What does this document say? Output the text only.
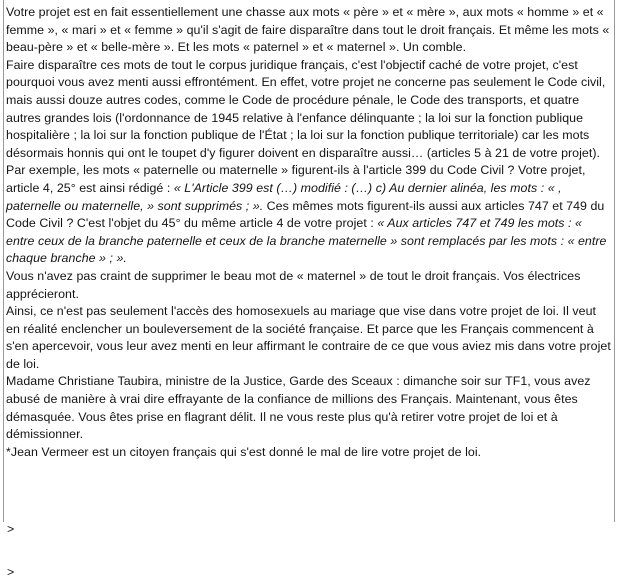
Votre projet est en fait essentiellement une chasse aux mots « père » et « mère », aux mots « homme » et « femme », « mari » et « femme » qu'il s'agit de faire disparaître dans tout le droit français. Et même les mots « beau-père » et « belle-mère ». Et les mots « paternel » et « maternel ». Un comble.

Faire disparaître ces mots de tout le corpus juridique français, c'est l'objectif caché de votre projet, c'est pourquoi vous avez menti aussi effrontément. En effet, votre projet ne concerne pas seulement le Code civil, mais aussi douze autres codes, comme le Code de procédure pénale, le Code des transports, et quatre autres grandes lois (l'ordonnance de 1945 relative à l'enfance délinquante ; la loi sur la fonction publique hospitalière ; la loi sur la fonction publique de l'État ; la loi sur la fonction publique territoriale) car les mots désormais honnis qui ont le toupet d'y figurer doivent en disparaître aussi… (articles 5 à 21 de votre projet).

Par exemple, les mots « paternelle ou maternelle » figurent-ils à l'article 399 du Code Civil ? Votre projet, article 4, 25° est ainsi rédigé : « L'Article 399 est (…) modifié : (…) c) Au dernier alinéa, les mots : « , paternelle ou maternelle, » sont supprimés ; ». Ces mêmes mots figurent-ils aussi aux articles 747 et 749 du Code Civil ? C'est l'objet du 45° du même article 4 de votre projet : « Aux articles 747 et 749 les mots : « entre ceux de la branche paternelle et ceux de la branche maternelle » sont remplacés par les mots : « entre chaque branche » ; ».

Vous n'avez pas craint de supprimer le beau mot de « maternel » de tout le droit français. Vos électrices apprécieront.

Ainsi, ce n'est pas seulement l'accès des homosexuels au mariage que vise dans votre projet de loi. Il veut en réalité enclencher un bouleversement de la société française. Et parce que les Français commencent à s'en apercevoir, vous leur avez menti en leur affirmant le contraire de ce que vous aviez mis dans votre projet de loi.

Madame Christiane Taubira, ministre de la Justice, Garde des Sceaux : dimanche soir sur TF1, vous avez abusé de manière à vrai dire effrayante de la confiance de millions des Français. Maintenant, vous êtes démasquée. Vous êtes prise en flagrant délit. Il ne vous reste plus qu'à retirer votre projet de loi et à démissionner.

*Jean Vermeer est un citoyen français qui s'est donné le mal de lire votre projet de loi.

>
>
